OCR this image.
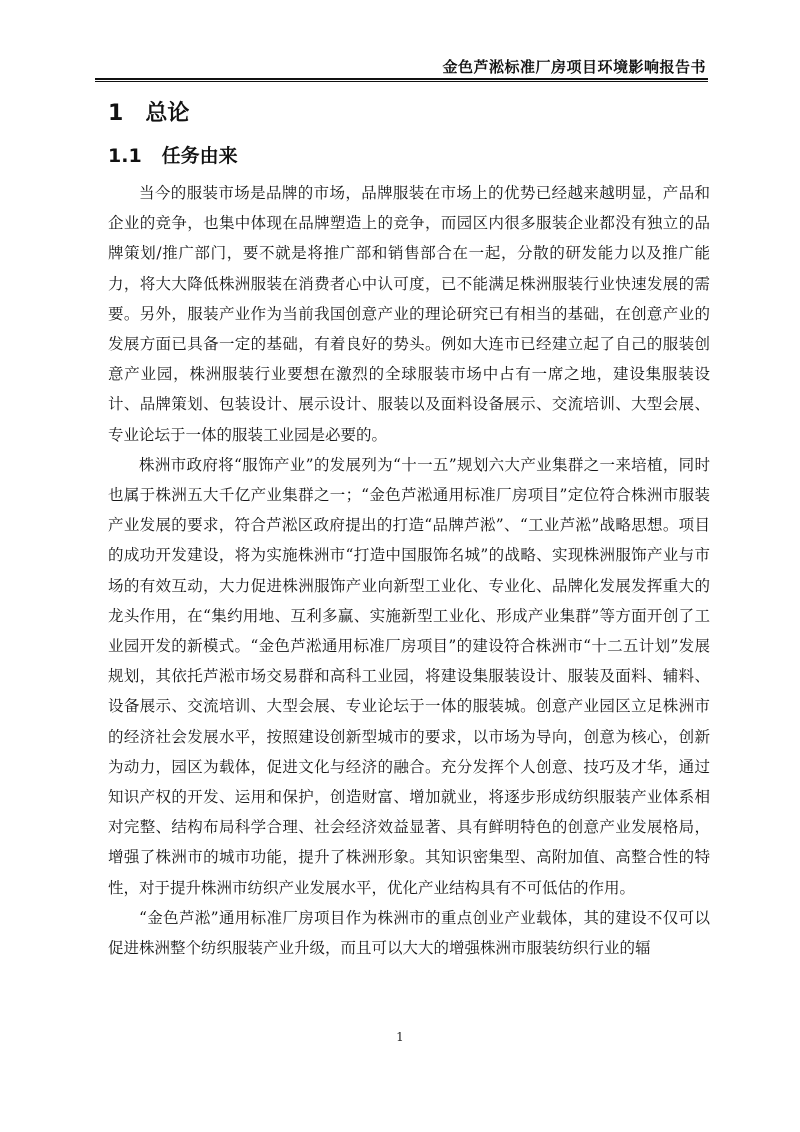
金色芦淞标准厂房项目环境影响报告书
1 总论
1.1 任务由来

当今的服装市场是品牌的市场，品牌服装在市场上的优势已经越来越明显，产品和企业的竞争，也集中体现在品牌塑造上的竞争，而园区内很多服装企业都没有独立的品牌策划/推广部门，要不就是将推广部和销售部合在一起，分散的研发能力以及推广能力，将大大降低株洲服装在消费者心中认可度，已不能满足株洲服装行业快速发展的需要。另外，服装产业作为当前我国创意产业的理论研究已有相当的基础，在创意产业的发展方面已具备一定的基础，有着良好的势头。例如大连市已经建立起了自己的服装创意产业园，株洲服装行业要想在激烈的全球服装市场中占有一席之地，建设集服装设计、品牌策划、包装设计、展示设计、服装以及面料设备展示、交流培训、大型会展、专业论坛于一体的服装工业园是必要的。

株洲市政府将“服饰产业”的发展列为“十一五”规划六大产业集群之一来培植，同时也属于株洲五大千亿产业集群之一；“金色芦淞通用标准厂房项目”定位符合株洲市服装产业发展的要求，符合芦淞区政府提出的打造“品牌芦淞”、“工业芦淞”战略思想。项目的成功开发建设，将为实施株洲市“打造中国服饰名城”的战略、实现株洲服饰产业与市场的有效互动，大力促进株洲服饰产业向新型工业化、专业化、品牌化发展发挥重大的龙头作用，在“集约用地、互利多赢、实施新型工业化、形成产业集群”等方面开创了工业园开发的新模式。“金色芦淞通用标准厂房项目”的建设符合株洲市“十二五计划”发展规划，其依托芦淞市场交易群和高科工业园，将建设集服装设计、服装及面料、辅料、设备展示、交流培训、大型会展、专业论坛于一体的服装城。创意产业园区立足株洲市的经济社会发展水平，按照建设创新型城市的要求，以市场为导向，创意为核心，创新为动力，园区为载体，促进文化与经济的融合。充分发挥个人创意、技巧及才华，通过知识产权的开发、运用和保护，创造财富、增加就业，将逐步形成纺织服装产业体系相对完整、结构布局科学合理、社会经济效益显著、具有鲜明特色的创意产业发展格局，增强了株洲市的城市功能，提升了株洲形象。其知识密集型、高附加值、高整合性的特性，对于提升株洲市纺织产业发展水平，优化产业结构具有不可低估的作用。

“金色芦淞”通用标准厂房项目作为株洲市的重点创业产业载体，其的建设不仅可以促进株洲整个纺织服装产业升级，而且可以大大的增强株洲市服装纺织行业的辐

1
